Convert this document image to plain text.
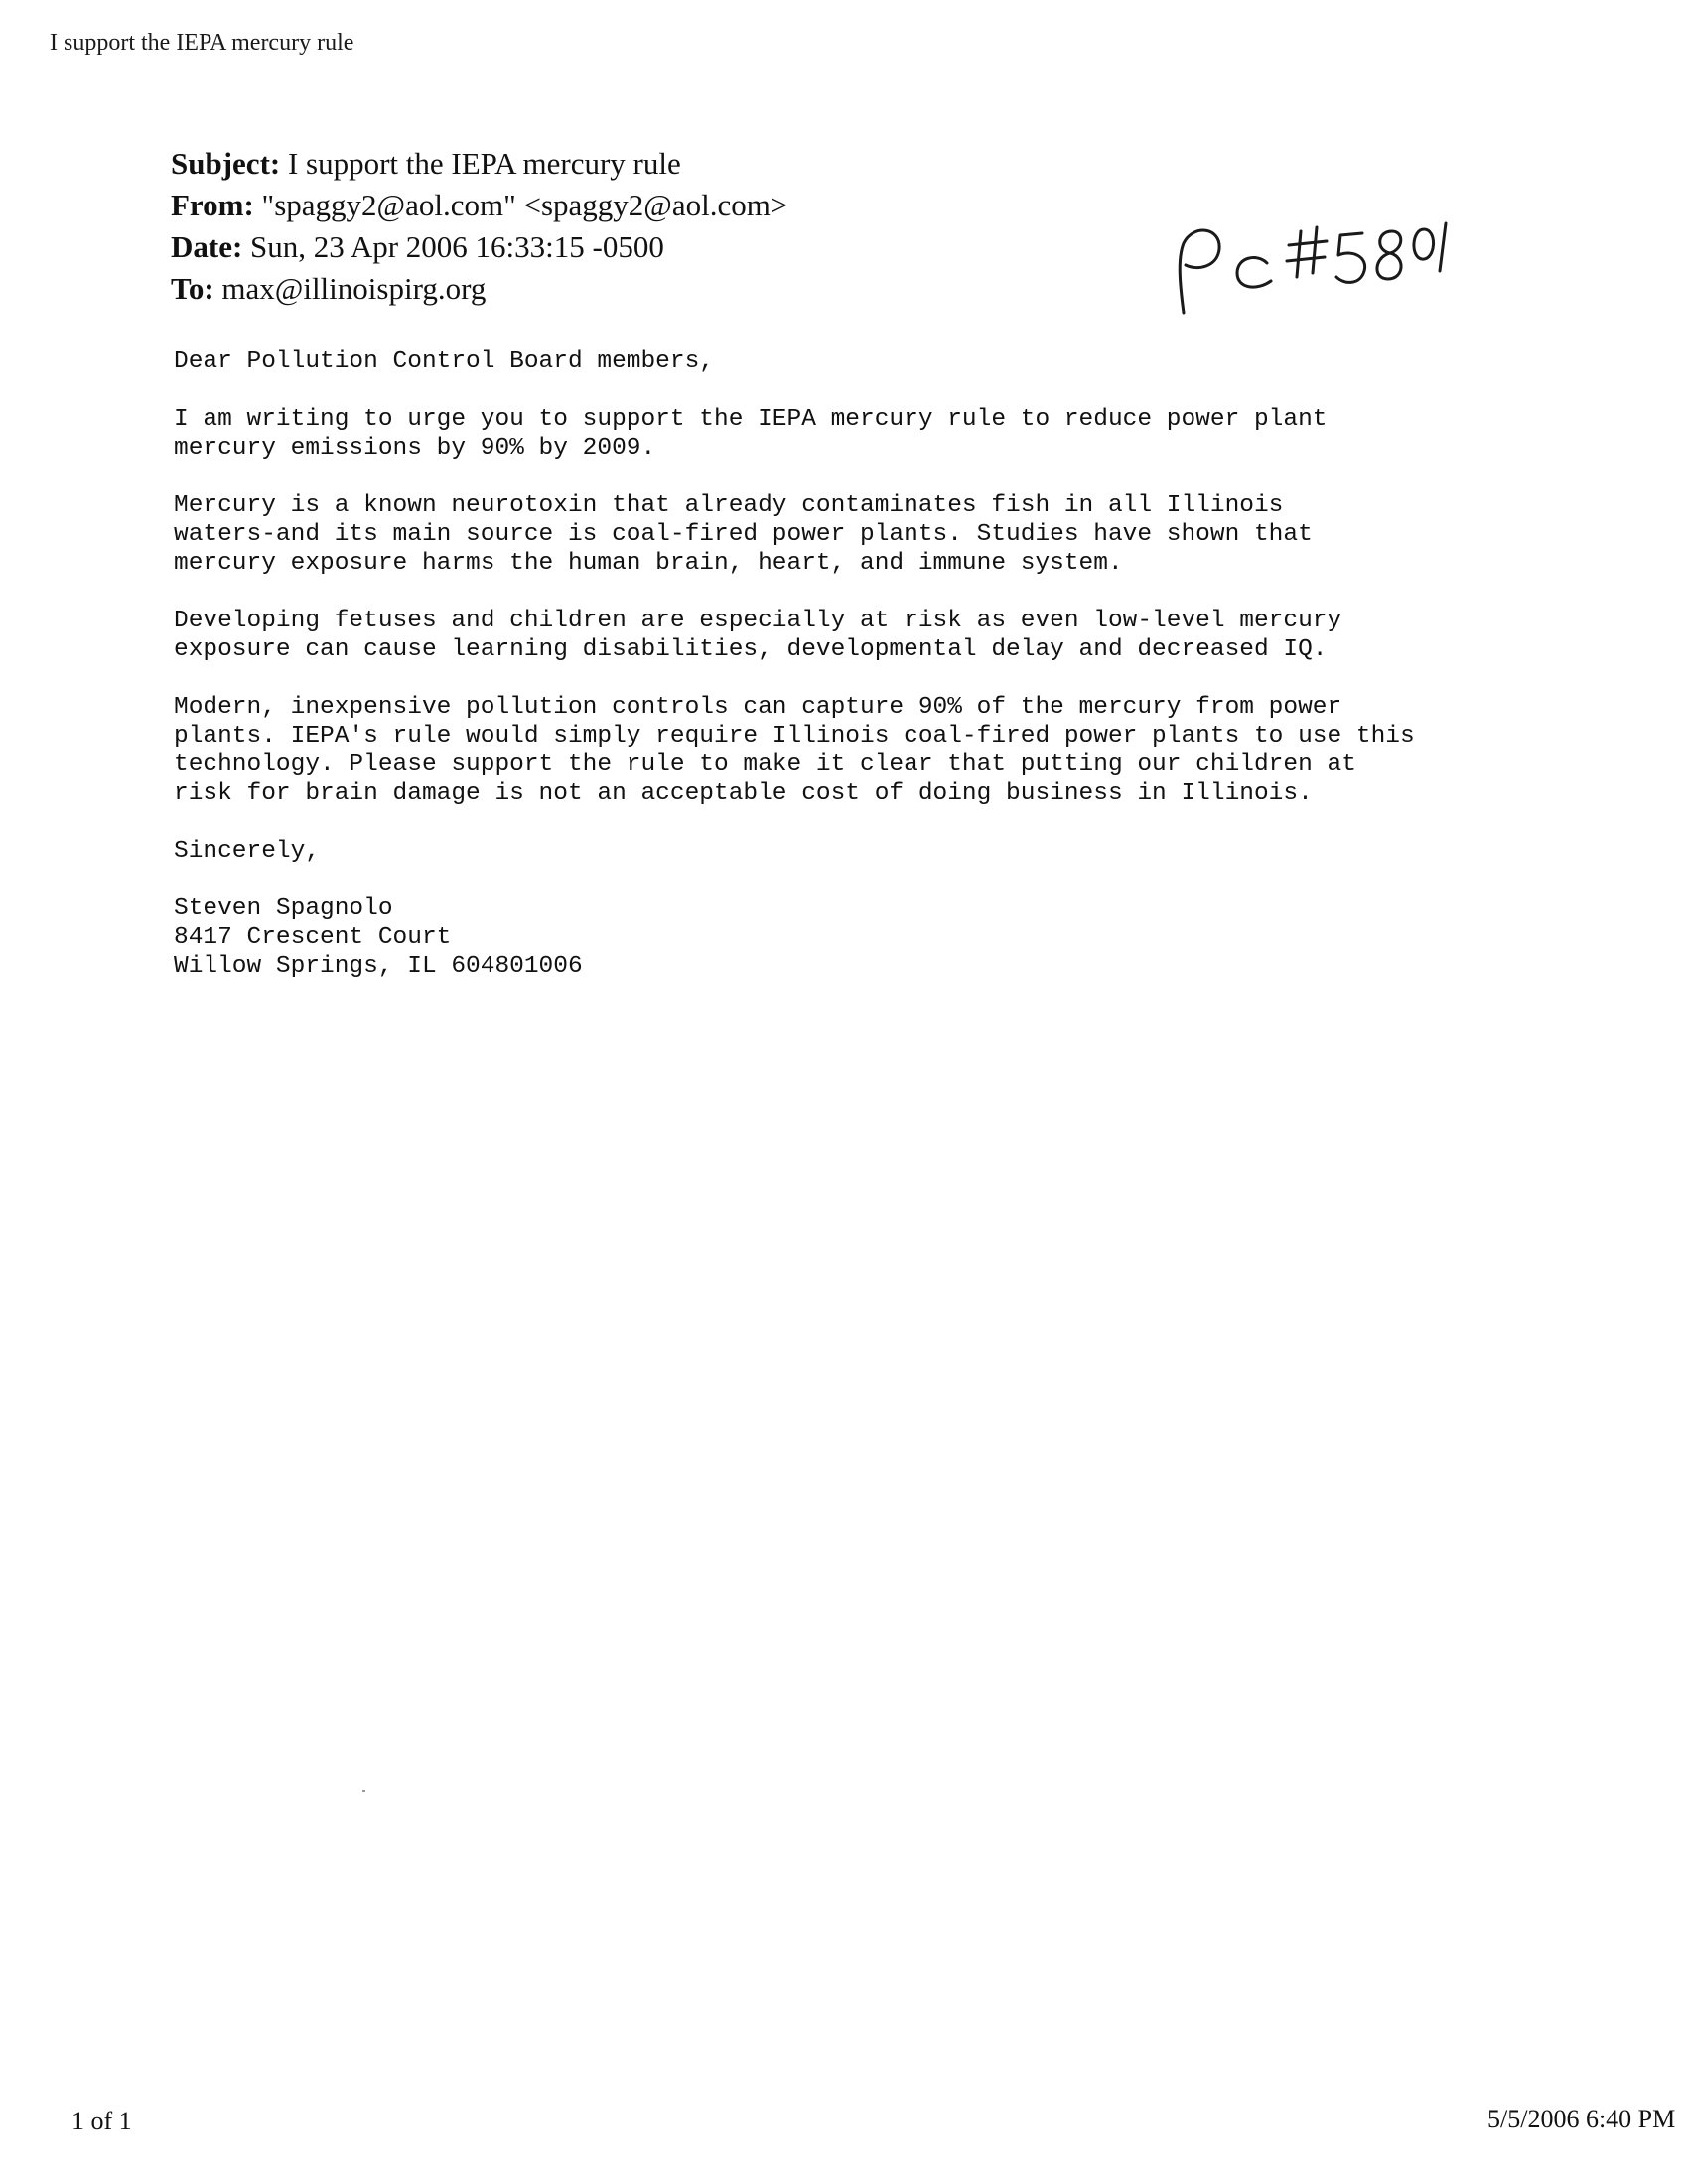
I support the IEPA mercury rule
Subject: I support the IEPA mercury rule
From: "spaggy2@aol.com" <spaggy2@aol.com>
Date: Sun, 23 Apr 2006 16:33:15 -0500
To: max@illinoispirg.org

Dear Pollution Control Board members,

I am writing to urge you to support the IEPA mercury rule to reduce power plant
mercury emissions by 90% by 2009.

Mercury is a known neurotoxin that already contaminates fish in all Illinois
waters-and its main source is coal-fired power plants. Studies have shown that
mercury exposure harms the human brain, heart, and immune system.

Developing fetuses and children are especially at risk as even low-level mercury
exposure can cause learning disabilities, developmental delay and decreased IQ.

Modern, inexpensive pollution controls can capture 90% of the mercury from power
plants. IEPA's rule would simply require Illinois coal-fired power plants to use this
technology. Please support the rule to make it clear that putting our children at
risk for brain damage is not an acceptable cost of doing business in Illinois.

Sincerely,

Steven Spagnolo

8417 Crescent Court

Willow Springs, IL 604801006

1 of 1	5/5/2006 6:40 PM
